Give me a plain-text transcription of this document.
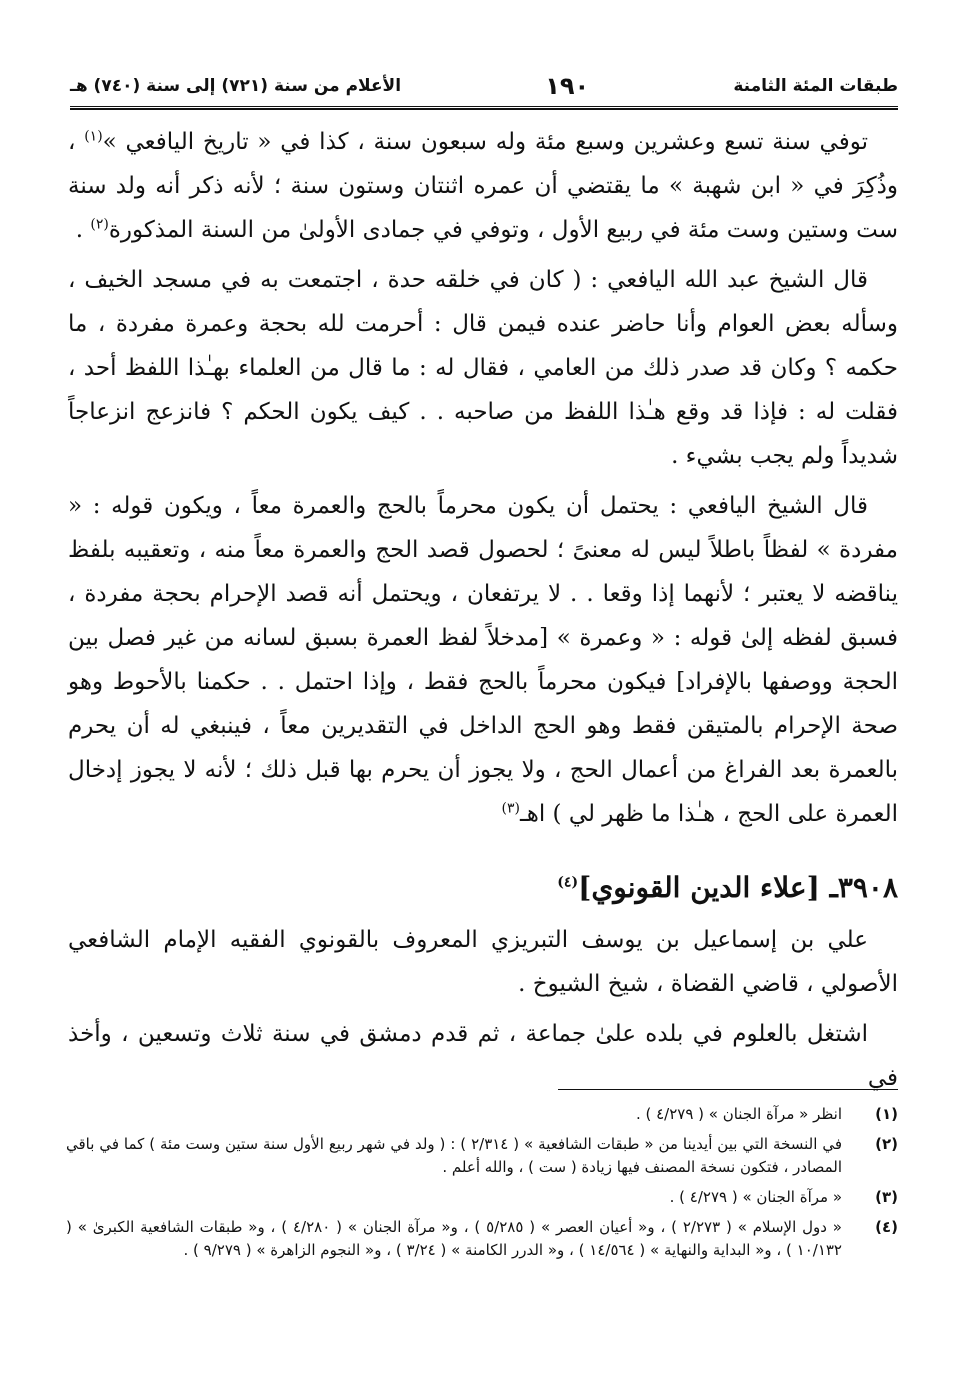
طبقات المئة الثامنة
١٩٠
الأعلام من سنة (٧٢١) إلى سنة (٧٤٠) هـ

توفي سنة تسع وعشرين وسبع مئة وله سبعون سنة ، كذا في « تاريخ اليافعي »$^{(١)}$ ، وذُكِرَ في « ابن شهبة » ما يقتضي أن عمره اثنتان وستون سنة ؛ لأنه ذكر أنه ولد سنة ست وستين وست مئة في ربيع الأول ، وتوفي في جمادى الأولىٰ من السنة المذكورة$^{(٢)}$ .

قال الشيخ عبد الله اليافعي : ( كان في خلقه حدة ، اجتمعت به في مسجد الخيف ، وسأله بعض العوام وأنا حاضر عنده فيمن قال : أحرمت لله بحجة وعمرة مفردة ، ما حكمه ؟ وكان قد صدر ذلك من العامي ، فقال له : ما قال من العلماء بهـٰذا اللفظ أحد ، فقلت له : فإذا قد وقع هـٰذا اللفظ من صاحبه . . كيف يكون الحكم ؟ فانزعج انزعاجاً شديداً ولم يجب بشيء .

قال الشيخ اليافعي : يحتمل أن يكون محرماً بالحج والعمرة معاً ، ويكون قوله : « مفردة » لفظاً باطلاً ليس له معنىً ؛ لحصول قصد الحج والعمرة معاً منه ، وتعقيبه بلفظ يناقضه لا يعتبر ؛ لأنهما إذا وقعا . . لا يرتفعان ، ويحتمل أنه قصد الإحرام بحجة مفردة ، فسبق لفظه إلىٰ قوله : « وعمرة » [مدخلاً لفظ العمرة بسبق لسانه من غير فصل بين الحجة ووصفها بالإفراد] فيكون محرماً بالحج فقط ، وإذا احتمل . . حكمنا بالأحوط وهو صحة الإحرام بالمتيقن فقط وهو الحج الداخل في التقديرين معاً ، فينبغي له أن يحرم بالعمرة بعد الفراغ من أعمال الحج ، ولا يجوز أن يحرم بها قبل ذلك ؛ لأنه لا يجوز إدخال العمرة على الحج ، هـٰذا ما ظهر لي ) اهـ$^{(٣)}$

٣٩٠٨ـ [علاء الدين القونوي]$^{(٤)}$

علي بن إسماعيل بن يوسف التبريزي المعروف بالقونوي الفقيه الإمام الشافعي الأصولي ، قاضي القضاة ، شيخ الشيوخ .

اشتغل بالعلوم في بلده علىٰ جماعة ، ثم قدم دمشق في سنة ثلاث وتسعين ، وأخذ في

(١)
انظر « مرآة الجنان » ( ٤/٢٧٩ ) .
(٢)
في النسخة التي بين أيدينا من « طبقات الشافعية » ( ٢/٣١٤ ) : ( ولد في شهر ربيع الأول سنة ستين وست مئة ) كما في باقي المصادر ، فتكون نسخة المصنف فيها زيادة ( ست ) ، والله أعلم .
(٣)
« مرآة الجنان » ( ٤/٢٧٩ ) .
(٤)
« دول الإسلام » ( ٢/٢٧٣ ) ، و« أعيان العصر » ( ٥/٢٨٥ ) ، و« مرآة الجنان » ( ٤/٢٨٠ ) ، و« طبقات الشافعية الكبرىٰ » ( ١٠/١٣٢ ) ، و« البداية والنهاية » ( ١٤/٥٦٤ ) ، و« الدرر الكامنة » ( ٣/٢٤ ) ، و« النجوم الزاهرة » ( ٩/٢٧٩ ) .
